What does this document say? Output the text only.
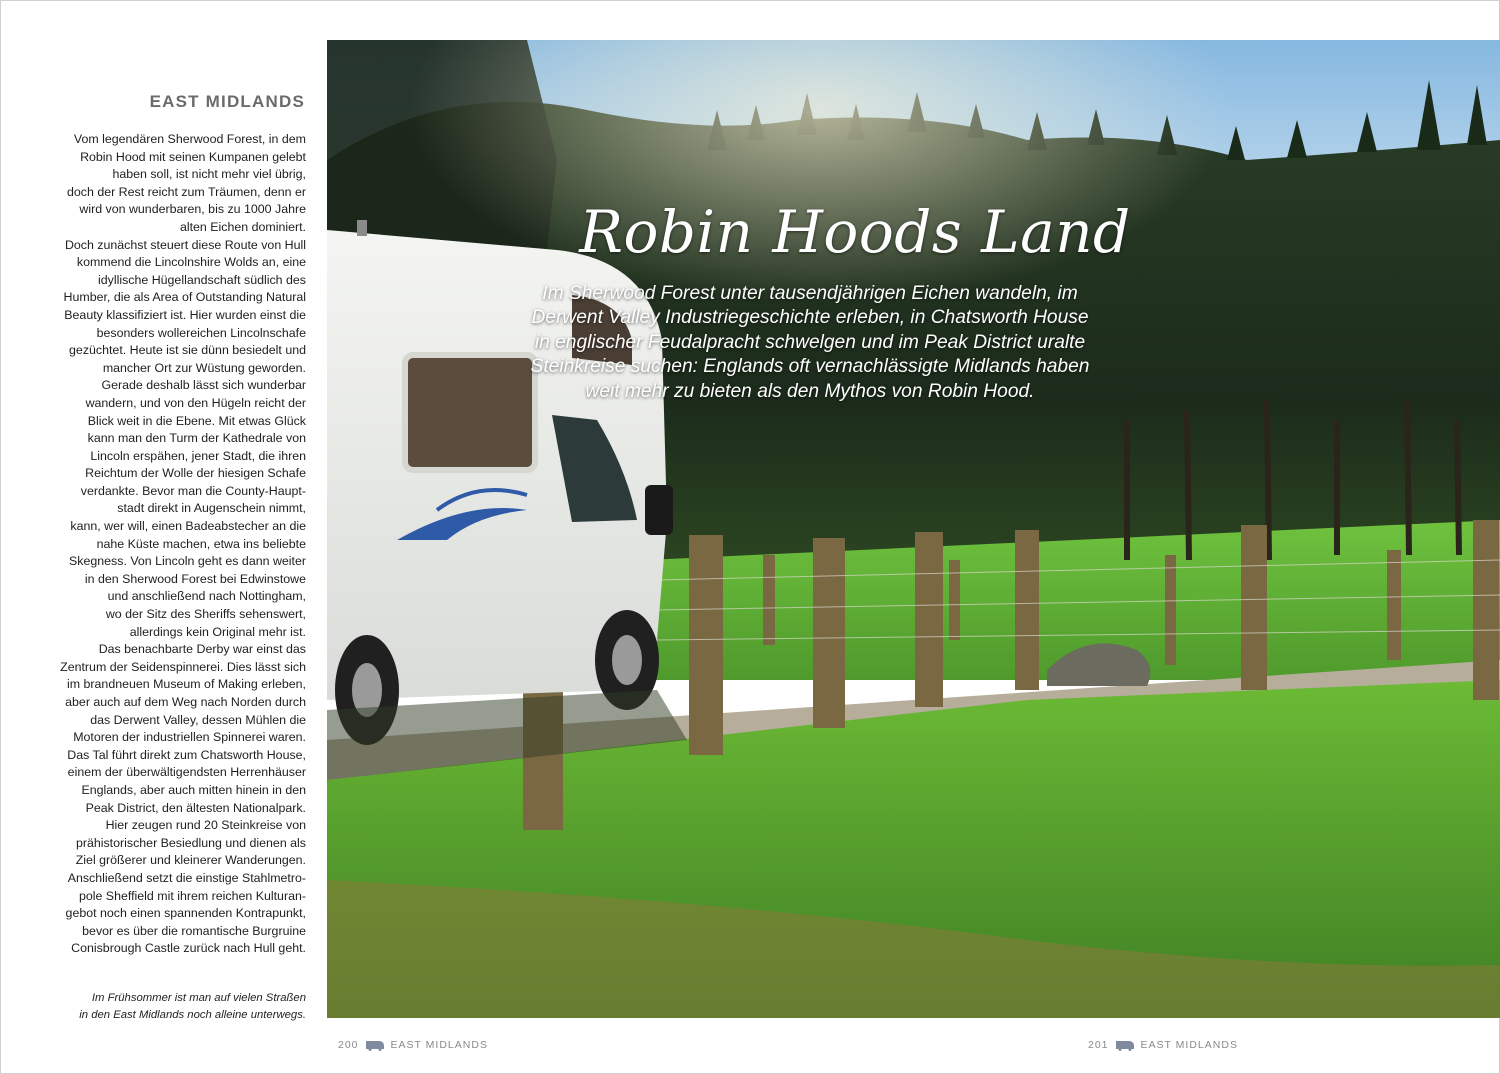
EAST MIDLANDS
Vom legendären Sherwood Forest, in dem
Robin Hood mit seinen Kumpanen gelebt
haben soll, ist nicht mehr viel übrig,
doch der Rest reicht zum Träumen, denn er
wird von wunderbaren, bis zu 1000 Jahre
alten Eichen dominiert.
Doch zunächst steuert diese Route von Hull
kommend die Lincolnshire Wolds an, eine
idyllische Hügellandschaft südlich des
Humber, die als Area of Outstanding Natural
Beauty klassifiziert ist. Hier wurden einst die
besonders wollereichen Lincolnschafe
gezüchtet. Heute ist sie dünn besiedelt und
mancher Ort zur Wüstung geworden.
Gerade deshalb lässt sich wunderbar
wandern, und von den Hügeln reicht der
Blick weit in die Ebene. Mit etwas Glück
kann man den Turm der Kathedrale von
Lincoln erspähen, jener Stadt, die ihren
Reichtum der Wolle der hiesigen Schafe
verdankte. Bevor man die County-Haupt-
stadt direkt in Augenschein nimmt,
kann, wer will, einen Badeabstecher an die
nahe Küste machen, etwa ins beliebte
Skegness. Von Lincoln geht es dann weiter
in den Sherwood Forest bei Edwinstowe
und anschließend nach Nottingham,
wo der Sitz des Sheriffs sehenswert,
allerdings kein Original mehr ist.
Das benachbarte Derby war einst das
Zentrum der Seidenspinnerei. Dies lässt sich
im brandneuen Museum of Making erleben,
aber auch auf dem Weg nach Norden durch
das Derwent Valley, dessen Mühlen die
Motoren der industriellen Spinnerei waren.
Das Tal führt direkt zum Chatsworth House,
einem der überwältigendsten Herrenhäuser
Englands, aber auch mitten hinein in den
Peak District, den ältesten Nationalpark.
Hier zeugen rund 20 Steinkreise von
prähistorischer Besiedlung und dienen als
Ziel größerer und kleinerer Wanderungen.
Anschließend setzt die einstige Stahlmetro-
pole Sheffield mit ihrem reichen Kulturan-
gebot noch einen spannenden Kontrapunkt,
bevor es über die romantische Burgruine
Conisbrough Castle zurück nach Hull geht.
Im Frühsommer ist man auf vielen Straßen
in den East Midlands noch alleine unterwegs.
Robin Hoods Land
Im Sherwood Forest unter tausendjährigen Eichen wandeln, im
Derwent Valley Industriegeschichte erleben, in Chatsworth House
in englischer Feudalpracht schwelgen und im Peak District uralte
Steinkreise suchen: Englands oft vernachlässigte Midlands haben
weit mehr zu bieten als den Mythos von Robin Hood.
200	EAST MIDLANDS	201	EAST MIDLANDS
